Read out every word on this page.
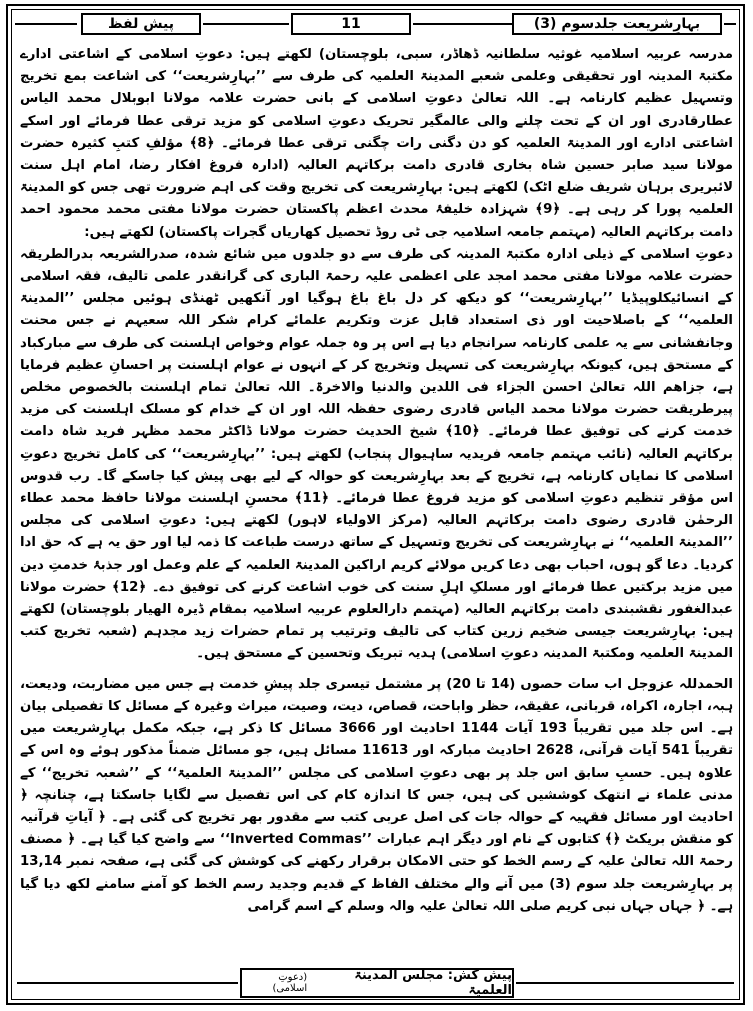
بہارِشریعت جلدسوم (3)
11
پیش لفظ

مدرسہ عربیہ اسلامیہ غوثیہ سلطانیہ ڈھاڈر، سبی، بلوچستان) لکھتے ہیں: دعوتِ اسلامی کے اشاعتی ادارے مکتبۃ المدینہ اور تحقیقی وعلمی شعبے المدینۃ العلمیہ کی طرف سے ’’بہارِشریعت‘‘ کی اشاعت بمع تخریج وتسہیل عظیم کارنامہ ہے۔ اللہ تعالیٰ دعوتِ اسلامی کے بانی حضرت علامہ مولانا ابوبلال محمد الیاس عطارقادری اور ان کے تحت چلنے والی عالمگیر تحریک دعوتِ اسلامی کو مزید ترقی عطا فرمائے اور اسکے اشاعتی ادارے اور المدینۃ العلمیہ کو دن دگنی رات چگنی ترقی عطا فرمائے۔ ﴿8﴾ مؤلفِ کتبِ کثیرہ حضرت مولانا سید صابر حسین شاہ بخاری قادری دامت برکاتہم العالیہ (ادارہ فروغ افکار رضا، امام اہل سنت لائبریری برہان شریف ضلع اٹک) لکھتے ہیں: بہارِشریعت کی تخریج وقت کی اہم ضرورت تھی جس کو المدینۃ العلمیہ پورا کر رہی ہے۔ ﴿9﴾ شہزادہ خلیفۂ محدث اعظم پاکستان حضرت مولانا مفتی محمد محمود احمد دامت برکاتہم العالیہ (مہتمم جامعہ اسلامیہ جی ٹی روڈ تحصیل کھاریاں گجرات پاکستان) لکھتے ہیں:

دعوتِ اسلامی کے ذیلی ادارہ مکتبۃ المدینہ کی طرف سے دو جلدوں میں شائع شدہ، صدرالشریعہ بدرالطریقہ حضرت علامہ مولانا مفتی محمد امجد علی اعظمی علیہ رحمۃ الباری کی گرانقدر علمی تالیف، فقہ اسلامی کے انسائیکلوپیڈیا ’’بہارِشریعت‘‘ کو دیکھ کر دل باغ باغ ہوگیا اور آنکھیں ٹھنڈی ہوئیں مجلس ’’المدینۃ العلمیہ‘‘ کے باصلاحیت اور ذی استعداد قابل عزت وتکریم علمائے کرام شکر اللہ سعیہم نے جس محنت وجانفشانی سے یہ علمی کارنامہ سرانجام دیا ہے اس پر وہ جملہ عوام وخواص اہلسنت کی طرف سے مبارکباد کے مستحق ہیں، کیونکہ بہارِشریعت کی تسہیل وتخریج کر کے انہوں نے عوام اہلسنت پر احسانِ عظیم فرمایا ہے، جزاھم اللہ تعالیٰ احسن الجزاء فی اللدین والدنیا والاخرۃ۔ اللہ تعالیٰ تمام اہلسنت بالخصوص مخلص پیرطریقت حضرت مولانا محمد الیاس قادری رضوی حفظہ اللہ اور ان کے خدام کو مسلک اہلسنت کی مزید خدمت کرنے کی توفیق عطا فرمائے۔ ﴿10﴾ شیخ الحدیث حضرت مولانا ڈاکٹر محمد مظہر فرید شاہ دامت برکاتہم العالیہ (نائب مہتمم جامعہ فریدیہ ساہیوال پنجاب) لکھتے ہیں: ’’بہارِشریعت‘‘ کی کامل تخریج دعوتِ اسلامی کا نمایاں کارنامہ ہے، تخریج کے بعد بہارِشریعت کو حوالہ کے لیے بھی پیش کیا جاسکے گا۔ رب قدوس اس مؤقر تنظیم دعوتِ اسلامی کو مزید فروغ عطا فرمائے۔ ﴿11﴾ محسنِ اہلسنت مولانا حافظ محمد عطاء الرحمٰن قادری رضوی دامت برکاتہم العالیہ (مرکز الاولیاء لاہور) لکھتے ہیں: دعوتِ اسلامی کی مجلس ’’المدینۃ العلمیہ‘‘ نے بہارِشریعت کی تخریج وتسہیل کے ساتھ درست طباعت کا ذمہ لیا اور حق یہ ہے کہ حق ادا کردیا۔ دعا گو ہوں، احباب بھی دعا کریں مولائے کریم اراکین المدینۃ العلمیہ کے علم وعمل اور جذبۂ خدمتِ دین میں مزید برکتیں عطا فرمائے اور مسلکِ اہلِ سنت کی خوب اشاعت کرنے کی توفیق دے۔ ﴿12﴾ حضرت مولانا عبدالغفور نقشبندی دامت برکاتہم العالیہ (مہتمم دارالعلوم عربیہ اسلامیہ بمقام ڈیرہ الھیار بلوچستان) لکھتے ہیں: بہارِشریعت جیسی ضخیم زرین کتاب کی تالیف وترتیب پر تمام حضرات زید مجدہم (شعبہ تخریج کتب المدینۃ العلمیہ ومکتبۃ المدینہ دعوتِ اسلامی) ہدیہ تبریک وتحسین کے مستحق ہیں۔

الحمدللہ عزوجل اب سات حصوں (14 تا 20) پر مشتمل تیسری جلد پیشِ خدمت ہے جس میں مضاربت، ودیعت، ہبہ، اجارہ، اکراہ، قربانی، عقیقہ، حظر واباحت، قصاص، دیت، وصیت، میراث وغیرہ کے مسائل کا تفصیلی بیان ہے۔ اس جلد میں تقریباً 193 آیات 1144 احادیث اور 3666 مسائل کا ذکر ہے، جبکہ مکمل بہارِشریعت میں تقریباً 541 آیات قرآنی، 2628 احادیث مبارکہ اور 11613 مسائل ہیں، جو مسائل ضمناً مذکور ہوئے وہ اس کے علاوہ ہیں۔ حسبِ سابق اس جلد پر بھی دعوتِ اسلامی کی مجلس ’’المدینۃ العلمیۃ‘‘ کے ’’شعبہ تخریج‘‘ کے مدنی علماء نے انتھک کوششیں کی ہیں، جس کا اندازہ کام کی اس تفصیل سے لگایا جاسکتا ہے، چنانچہ ﴿ احادیث اور مسائل فقہیہ کے حوالہ جات کی اصل عربی کتب سے مقدور بھر تخریج کی گئی ہے۔ ﴿ آیاتِ قرآنیہ کو منقش بریکٹ ﴿﴾ کتابوں کے نام اور دیگر اہم عبارات ’’Inverted Commas‘‘ سے واضح کیا گیا ہے۔ ﴿ مصنف رحمۃ اللہ تعالیٰ علیہ کے رسم الخط کو حتی الامکان برقرار رکھنے کی کوشش کی گئی ہے، صفحہ نمبر 13,14 پر بہارِشریعت جلد سوم (3) میں آنے والے مختلف الفاظ کے قدیم وجدید رسم الخط کو آمنے سامنے لکھ دیا گیا ہے۔ ﴿ جہاں جہاں نبی کریم صلی اللہ تعالیٰ علیہ والہ وسلم کے اسم گرامی

پیش کش: مجلس المدینۃ العلمیۃ
(دعوتِ اسلامی)
